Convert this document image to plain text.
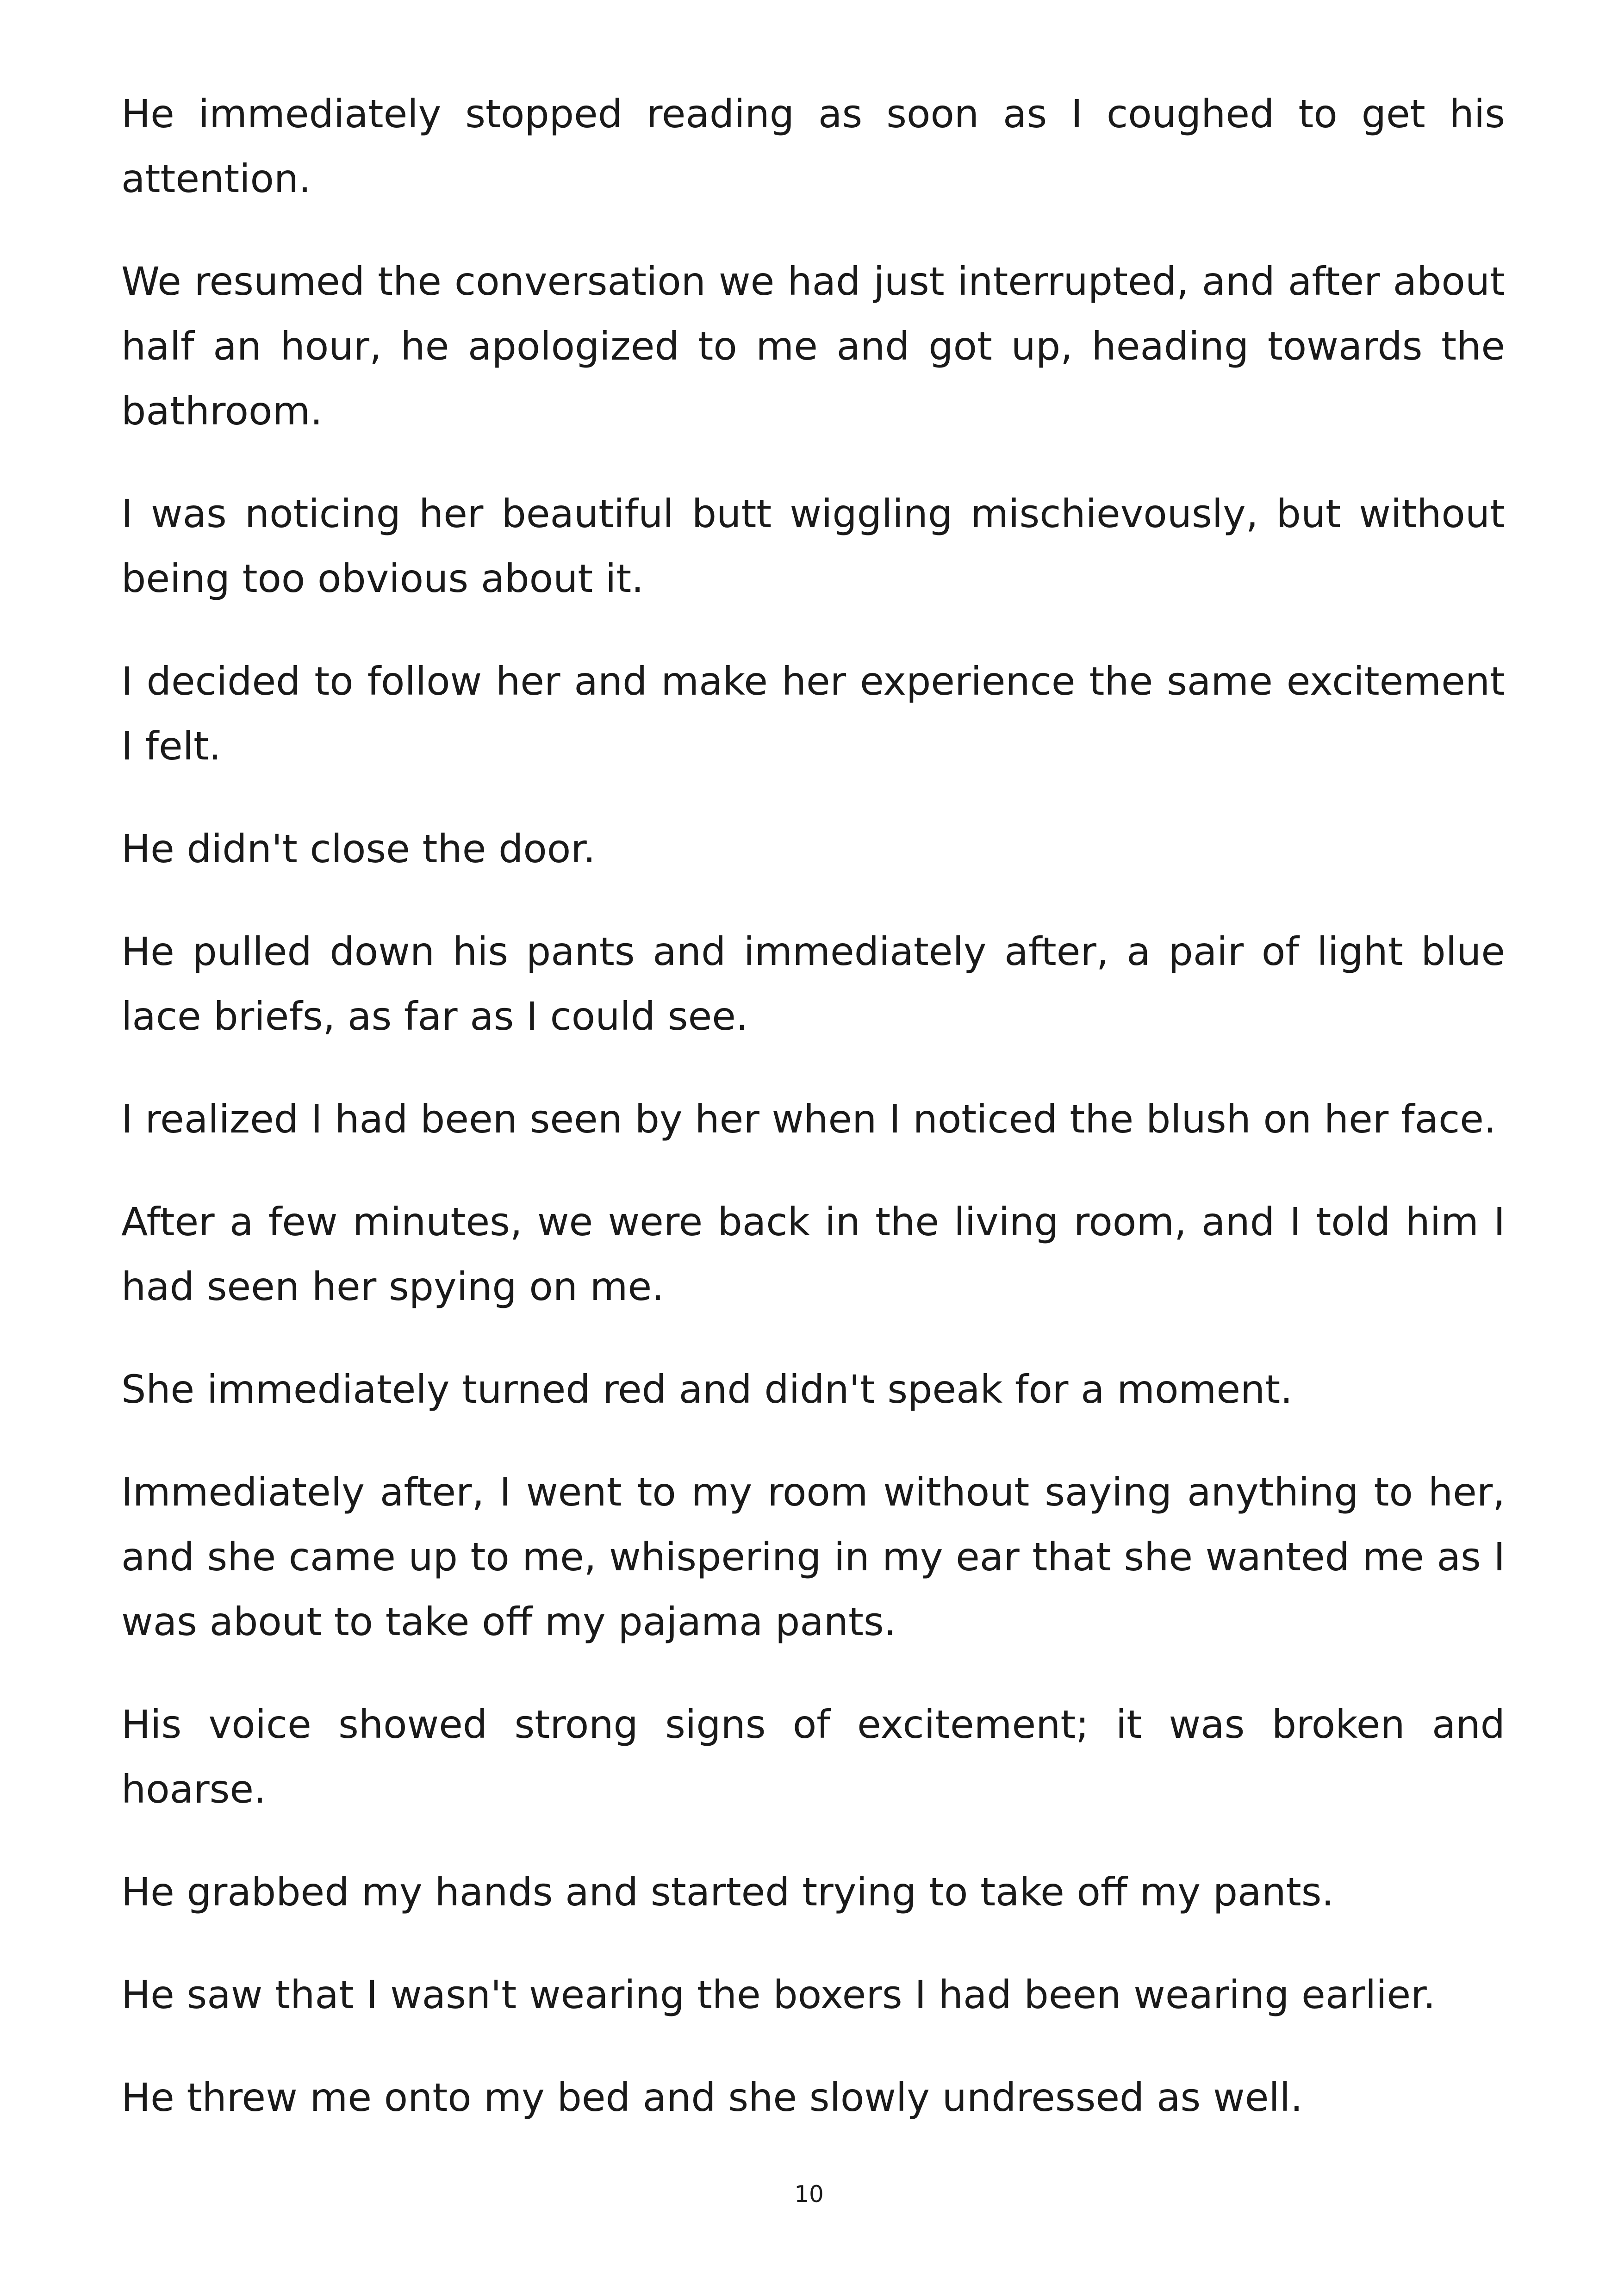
He immediately stopped reading as soon as I coughed to get his attention.

We resumed the conversation we had just interrupted, and after about half an hour, he apologized to me and got up, heading towards the bathroom.

I was noticing her beautiful butt wiggling mischievously, but without being too obvious about it.

I decided to follow her and make her experience the same excitement I felt.

He didn't close the door.

He pulled down his pants and immediately after, a pair of light blue lace briefs, as far as I could see.

I realized I had been seen by her when I noticed the blush on her face.

After a few minutes, we were back in the living room, and I told him I had seen her spying on me.

She immediately turned red and didn't speak for a moment.

Immediately after, I went to my room without saying anything to her, and she came up to me, whispering in my ear that she wanted me as I was about to take off my pajama pants.

His voice showed strong signs of excitement; it was broken and hoarse.

He grabbed my hands and started trying to take off my pants.

He saw that I wasn't wearing the boxers I had been wearing earlier.

He threw me onto my bed and she slowly undressed as well.

10
